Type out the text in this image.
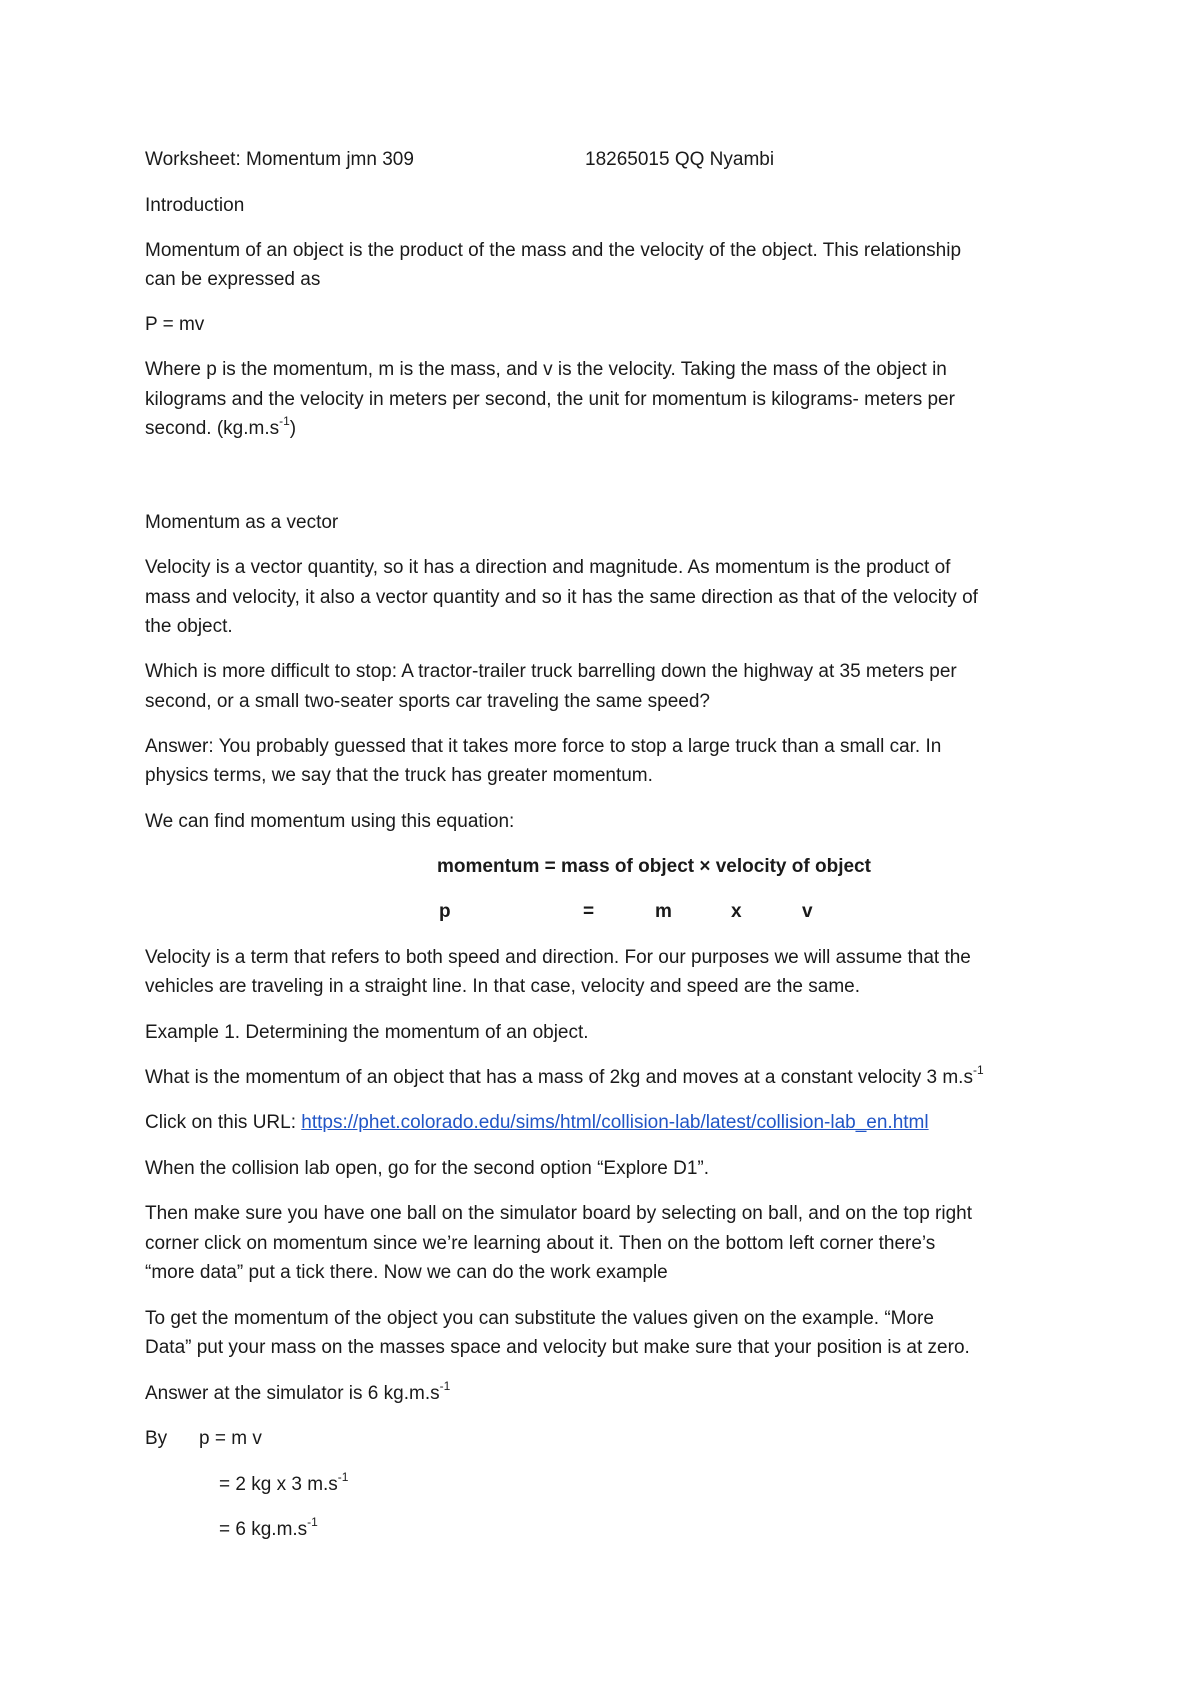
Worksheet: Momentum jmn 309	18265015 QQ Nyambi

Introduction

Momentum of an object is the product of the mass and the velocity of the object. This relationship

can be expressed as

P = mv

Where p is the momentum, m is the mass, and v is the velocity. Taking the mass of the object in

kilograms and the velocity in meters per second, the unit for momentum is kilograms- meters per

second. $(kg.m.s^{-1})$

Momentum as a vector

Velocity is a vector quantity, so it has a direction and magnitude. As momentum is the product of

mass and velocity, it also a vector quantity and so it has the same direction as that of the velocity of

the object.

Which is more difficult to stop: A tractor-trailer truck barrelling down the highway at 35 meters per

second, or a small two-seater sports car traveling the same speed?

Answer: You probably guessed that it takes more force to stop a large truck than a small car. In

physics terms, we say that the truck has greater momentum.

We can find momentum using this equation:

momentum = mass of object × velocity of object

p	=	m	x	v

Velocity is a term that refers to both speed and direction. For our purposes we will assume that the

vehicles are traveling in a straight line. In that case, velocity and speed are the same.

Example 1. Determining the momentum of an object.

What is the momentum of an object that has a mass of 2kg and moves at a constant velocity 3 $m.s^{-1}$

Click on this URL: https://phet.colorado.edu/sims/html/collision-lab/latest/collision-lab_en.html

When the collision lab open, go for the second option “Explore D1”.

Then make sure you have one ball on the simulator board by selecting on ball, and on the top right

corner click on momentum since we’re learning about it. Then on the bottom left corner there’s

“more data” put a tick there. Now we can do the work example

To get the momentum of the object you can substitute the values given on the example. “More

Data” put your mass on the masses space and velocity but make sure that your position is at zero.

Answer at the simulator is 6 $kg.m.s^{-1}$

By p = m v

= 2 kg x 3 $m.s^{-1}$

= 6 $kg.m.s^{-1}$
